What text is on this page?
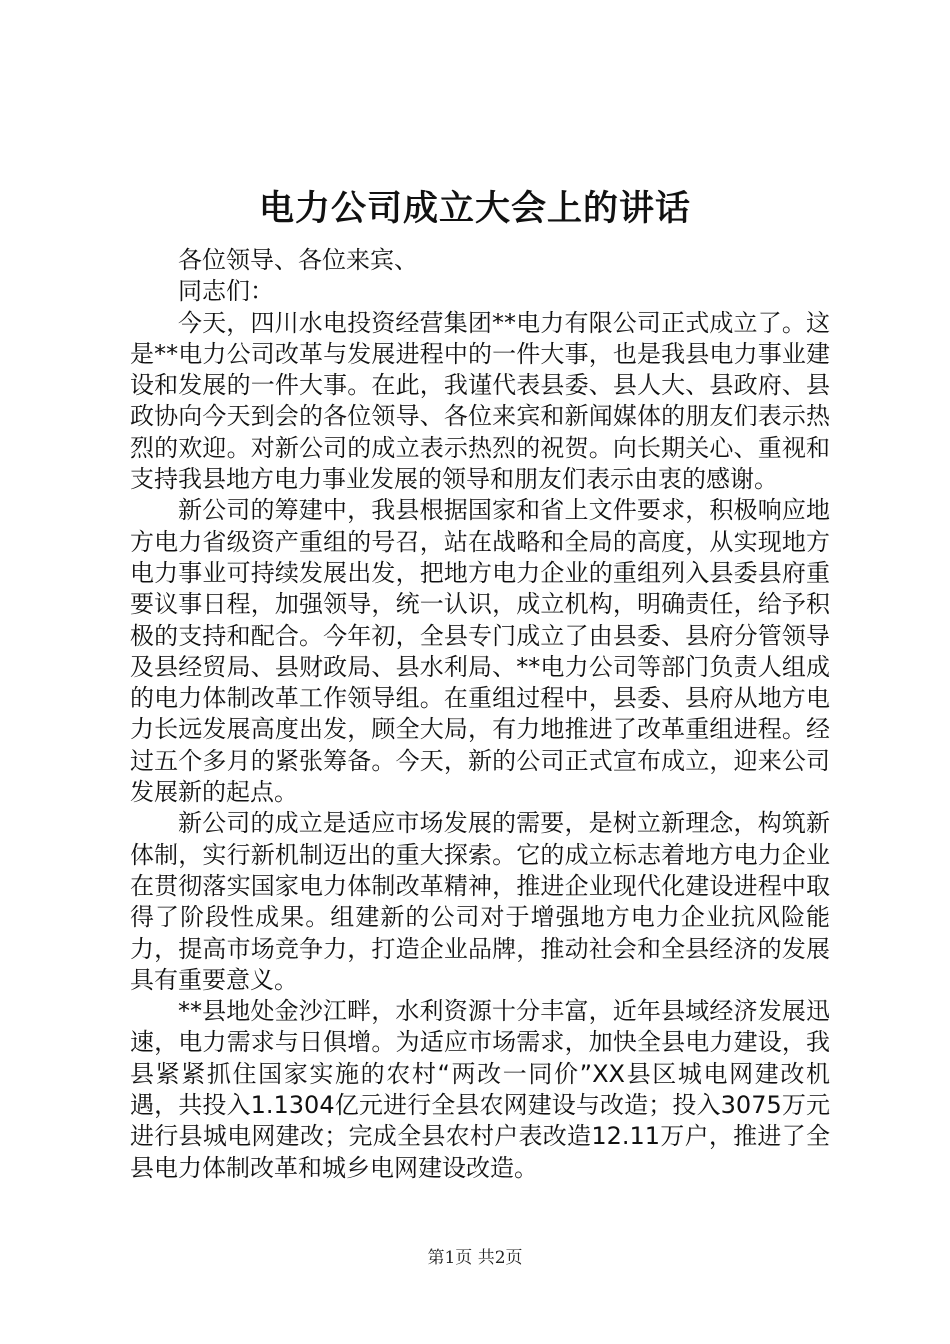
电力公司成立大会上的讲话

各位领导、各位来宾、

同志们：

今天，四川水电投资经营集团**电力有限公司正式成立了。这是**电力公司改革与发展进程中的一件大事，也是我县电力事业建设和发展的一件大事。在此，我谨代表县委、县人大、县政府、县政协向今天到会的各位领导、各位来宾和新闻媒体的朋友们表示热烈的欢迎。对新公司的成立表示热烈的祝贺。向长期关心、重视和支持我县地方电力事业发展的领导和朋友们表示由衷的感谢。

新公司的筹建中，我县根据国家和省上文件要求，积极响应地方电力省级资产重组的号召，站在战略和全局的高度，从实现地方电力事业可持续发展出发，把地方电力企业的重组列入县委县府重要议事日程，加强领导，统一认识，成立机构，明确责任，给予积极的支持和配合。今年初，全县专门成立了由县委、县府分管领导及县经贸局、县财政局、县水利局、**电力公司等部门负责人组成的电力体制改革工作领导组。在重组过程中，县委、县府从地方电力长远发展高度出发，顾全大局，有力地推进了改革重组进程。经过五个多月的紧张筹备。今天，新的公司正式宣布成立，迎来公司发展新的起点。

新公司的成立是适应市场发展的需要，是树立新理念，构筑新体制，实行新机制迈出的重大探索。它的成立标志着地方电力企业在贯彻落实国家电力体制改革精神，推进企业现代化建设进程中取得了阶段性成果。组建新的公司对于增强地方电力企业抗风险能力，提高市场竞争力，打造企业品牌，推动社会和全县经济的发展具有重要意义。

**县地处金沙江畔，水利资源十分丰富，近年县域经济发展迅速，电力需求与日俱增。为适应市场需求，加快全县电力建设，我县紧紧抓住国家实施的农村“两改一同价”XX县区城电网建改机遇，共投入1.1304亿元进行全县农网建设与改造；投入3075万元进行县城电网建改；完成全县农村户表改造12.11万户，推进了全县电力体制改革和城乡电网建设改造。

第1页 共2页
